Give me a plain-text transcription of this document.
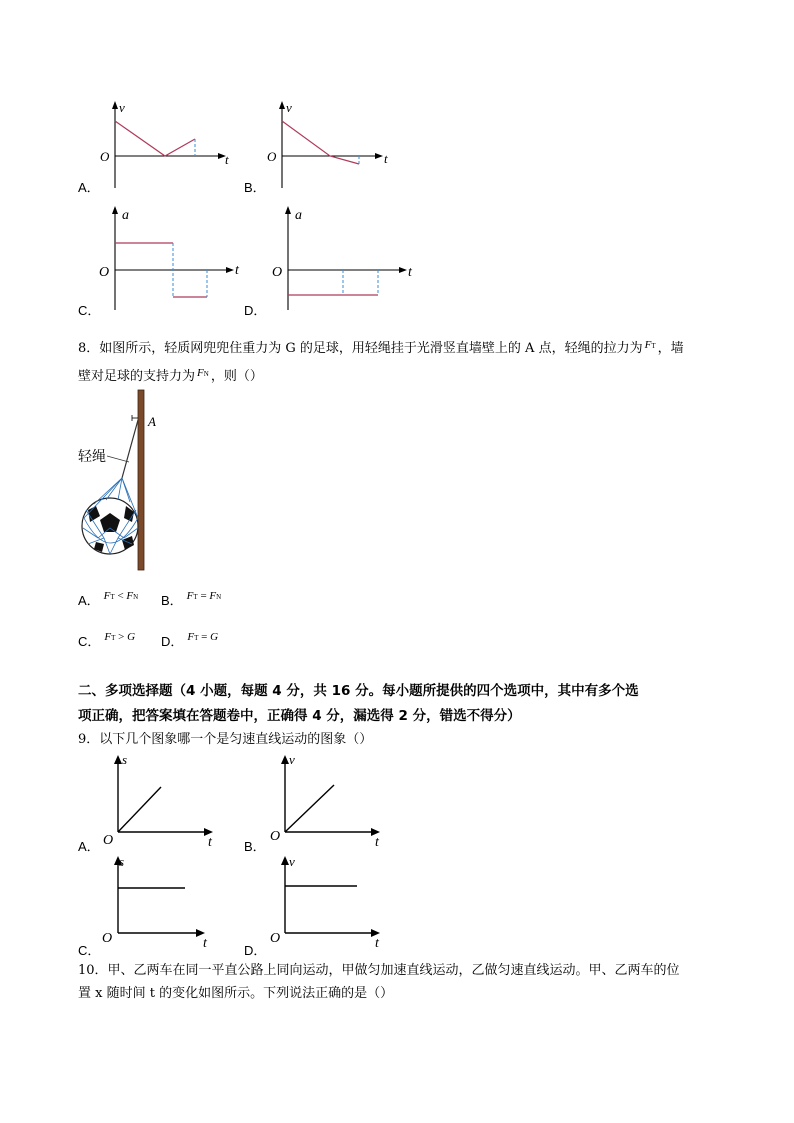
v
t
O
A．
v
t
O
B．
a
t
O
C．
a
t
O
D．
8．如图所示，轻质网兜兜住重力为 G 的足球，用轻绳挂于光滑竖直墙壁上的 A 点，轻绳的拉力为 $^{FT}$ ，墙
壁对足球的支持力为 $^{FN}$ ，则（）
A
轻绳
A． $^{FT < FN}$ B． $^{FT = FN}$
C． $^{FT > G}$ D． $^{FT = G}$
二、多项选择题（4 小题，每题 4 分，共 16 分。每小题所提供的四个选项中，其中有多个选
项正确，把答案填在答题卷中，正确得 4 分，漏选得 2 分，错选不得分）
9．以下几个图象哪一个是匀速直线运动的图象（）
s
t
O
A．
v
t
O
B．
s
t
O
C．
v
t
O
D．
10．甲、乙两车在同一平直公路上同向运动，甲做匀加速直线运动，乙做匀速直线运动。甲、乙两车的位
置 x 随时间 t 的变化如图所示。下列说法正确的是（）
